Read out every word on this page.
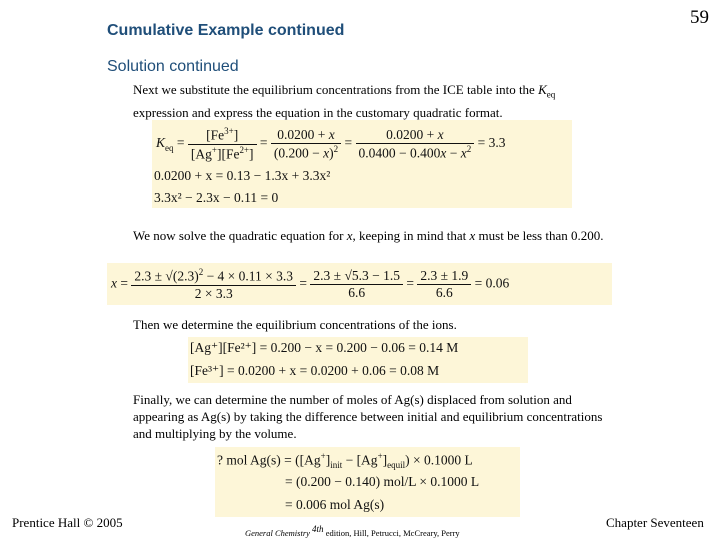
Cumulative Example continued
59
Solution continued
Next we substitute the equilibrium concentrations from the ICE table into the $K_{eq}$ expression and express the equation in the customary quadratic format.
$K_{eq} = \frac{[Fe^{3+}]}{[Ag^+][Fe^{2+}]} = \frac{0.0200 + x}{(0.200 - x)^2} = \frac{0.0200 + x}{0.0400 - 0.400x - x^2} = 3.3$
0.0200 + x = 0.13 − 1.3x + 3.3x²
3.3x² − 2.3x − 0.11 = 0
We now solve the quadratic equation for x, keeping in mind that x must be less than 0.200.
$x = \frac{2.3 \pm √(2.3)^2 - 4 \times 0.11 \times 3.3}{2 \times 3.3} = \frac{2.3 \pm √5.3 - 1.5}{6.6} = \frac{2.3 \pm 1.9}{6.6} = 0.06$
Then we determine the equilibrium concentrations of the ions.
[Ag⁺][Fe²⁺] = 0.200 − x = 0.200 − 0.06 = 0.14 M
[Fe³⁺] = 0.0200 + x = 0.0200 + 0.06 = 0.08 M
Finally, we can determine the number of moles of Ag(s) displaced from solution and appearing as Ag(s) by taking the difference between initial and equilibrium concentrations and multiplying by the volume.
? mol $Ag(s) = ([Ag^+]_{init} - [Ag^+]_{equil}) \times 0.1000$ L
= (0.200 − 0.140) mol/L × 0.1000 L
= 0.006 mol Ag(s)
Prentice Hall © 2005
General Chemistry $^{4th}$ edition, Hill, Petrucci, McCreary, Perry
Chapter Seventeen
